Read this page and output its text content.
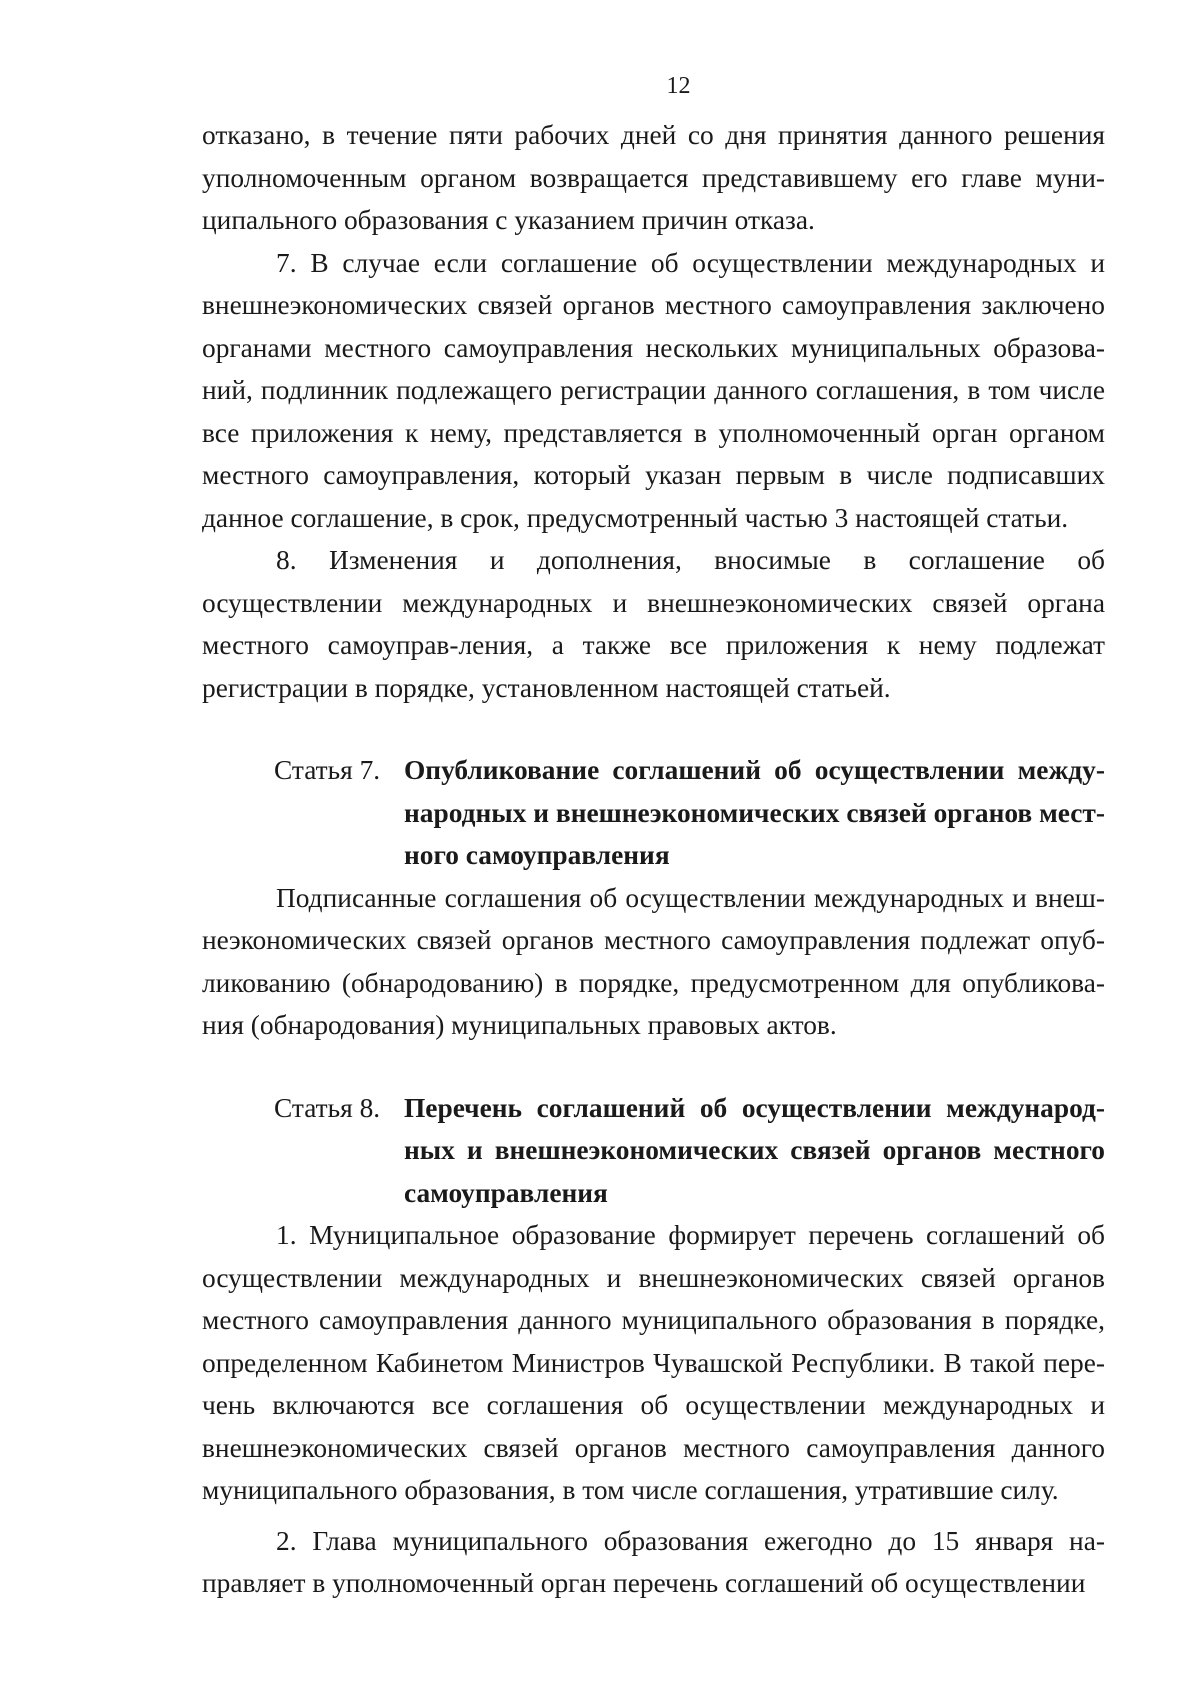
12

отказано, в течение пяти рабочих дней со дня принятия данного решения уполномоченным органом возвращается представившему его главе муни-ципального образования с указанием причин отказа.

7. В случае если соглашение об осуществлении международных и внешнеэкономических связей органов местного самоуправления заключено органами местного самоуправления нескольких муниципальных образова-ний, подлинник подлежащего регистрации данного соглашения, в том числе все приложения к нему, представляется в уполномоченный орган органом местного самоуправления, который указан первым в числе подписавших данное соглашение, в срок, предусмотренный частью 3 настоящей статьи.

8. Изменения и дополнения, вносимые в соглашение об осуществлении международных и внешнеэкономических связей органа местного самоуправ-ления, а также все приложения к нему подлежат регистрации в порядке, установленном настоящей статьей.

Статья 7. Опубликование соглашений об осуществлении между-народных и внешнеэкономических связей органов мест-ного самоуправления

Подписанные соглашения об осуществлении международных и внеш-неэкономических связей органов местного самоуправления подлежат опуб-ликованию (обнародованию) в порядке, предусмотренном для опубликова-ния (обнародования) муниципальных правовых актов.

Статья 8. Перечень соглашений об осуществлении международ-ных и внешнеэкономических связей органов местного самоуправления

1. Муниципальное образование формирует перечень соглашений об осуществлении международных и внешнеэкономических связей органов местного самоуправления данного муниципального образования в порядке, определенном Кабинетом Министров Чувашской Республики. В такой пере-чень включаются все соглашения об осуществлении международных и внешнеэкономических связей органов местного самоуправления данного муниципального образования, в том числе соглашения, утратившие силу.

2. Глава муниципального образования ежегодно до 15 января на-правляет в уполномоченный орган перечень соглашений об осуществлении
